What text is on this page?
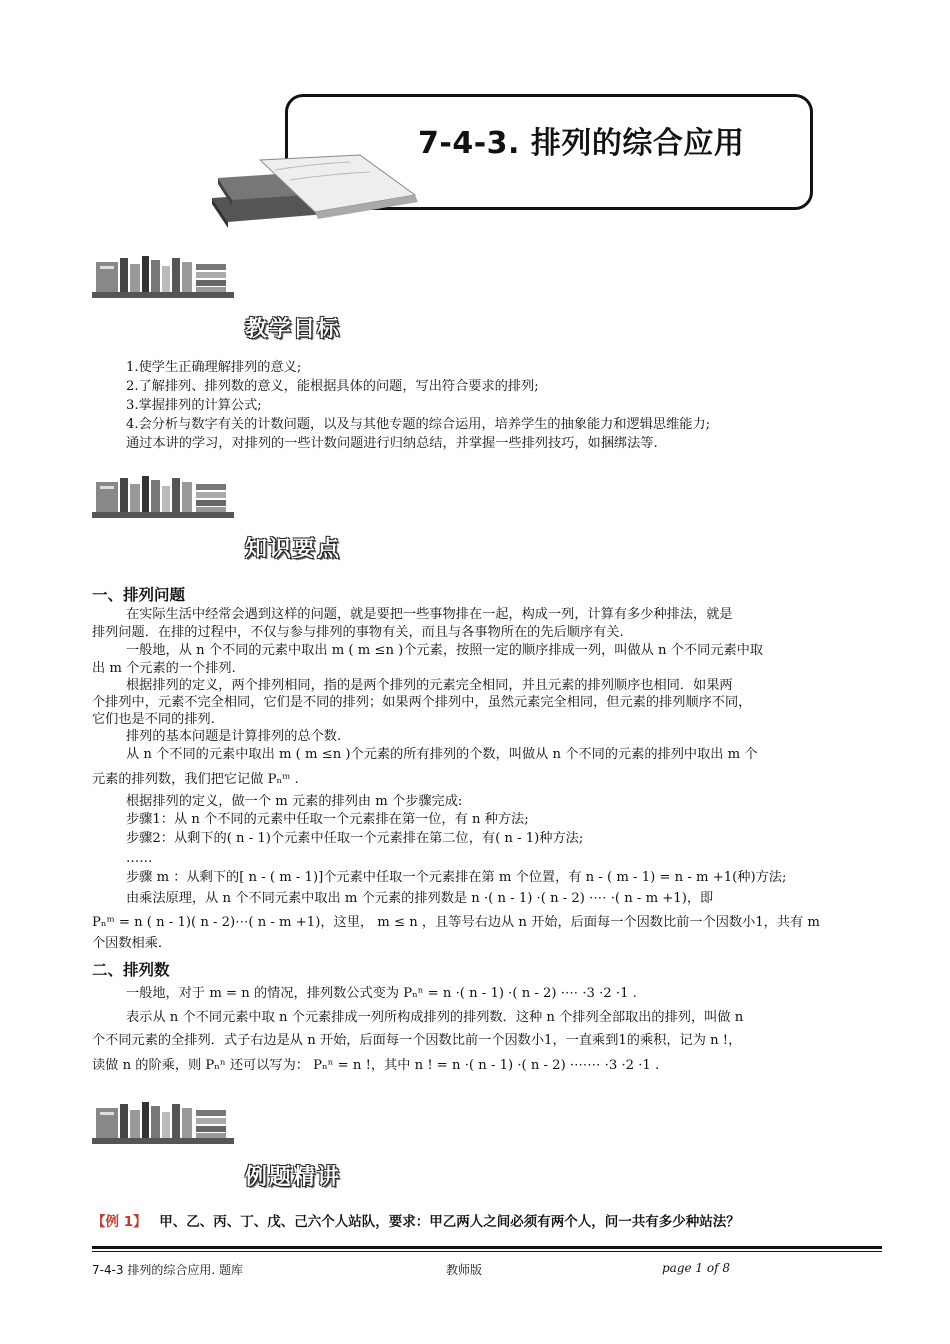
7-4-3. 排列的综合应用
教学目标
1.使学生正确理解排列的意义;
2.了解排列、排列数的意义，能根据具体的问题，写出符合要求的排列;
3.掌握排列的计算公式;
4.会分析与数字有关的计数问题，以及与其他专题的综合运用，培养学生的抽象能力和逻辑思维能力;
通过本讲的学习，对排列的一些计数问题进行归纳总结，并掌握一些排列技巧，如捆绑法等.
知识要点
一、排列问题
在实际生活中经常会遇到这样的问题，就是要把一些事物排在一起，构成一列，计算有多少种排法，就是
排列问题．在排的过程中，不仅与参与排列的事物有关，而且与各事物所在的先后顺序有关.
一般地，从 n 个不同的元素中取出 m ( m ≤n )个元素，按照一定的顺序排成一列，叫做从 n 个不同元素中取
出 m 个元素的一个排列.
根据排列的定义，两个排列相同，指的是两个排列的元素完全相同，并且元素的排列顺序也相同．如果两
个排列中，元素不完全相同，它们是不同的排列；如果两个排列中，虽然元素完全相同，但元素的排列顺序不同，
它们也是不同的排列.
排列的基本问题是计算排列的总个数.
从 n 个不同的元素中取出 m ( m ≤n )个元素的所有排列的个数，叫做从 n 个不同的元素的排列中取出 m 个
元素的排列数，我们把它记做 Pₙᵐ .
根据排列的定义，做一个 m 元素的排列由 m 个步骤完成:
步骤1：从 n 个不同的元素中任取一个元素排在第一位，有 n 种方法;
步骤2：从剩下的( n - 1)个元素中任取一个元素排在第二位，有( n - 1)种方法;
……
步骤 m ：从剩下的[ n - ( m - 1)]个元素中任取一个元素排在第 m 个位置，有 n - ( m - 1) = n - m +1(种)方法;
由乘法原理，从 n 个不同元素中取出 m 个元素的排列数是 n ·( n - 1) ·( n - 2) ·⋯ ·( n - m +1)，即
Pₙᵐ = n ( n - 1)( n - 2)⋯( n - m +1)，这里， m ≤ n ，且等号右边从 n 开始，后面每一个因数比前一个因数小1，共有 m
个因数相乘.
二、排列数
一般地，对于 m = n 的情况，排列数公式变为 Pₙⁿ = n ·( n - 1) ·( n - 2) ·⋯ ·3 ·2 ·1 .
表示从 n 个不同元素中取 n 个元素排成一列所构成排列的排列数．这种 n 个排列全部取出的排列，叫做 n
个不同元素的全排列．式子右边是从 n 开始，后面每一个因数比前一个因数小1，一直乘到1的乘积，记为 n !，
读做 n 的阶乘，则 Pₙⁿ 还可以写为： Pₙⁿ = n !，其中 n ! = n ·( n - 1) ·( n - 2) ·⋯⋯ ·3 ·2 ·1 .
例题精讲
【例 1】 甲、乙、丙、丁、戊、己六个人站队，要求：甲乙两人之间必须有两个人，问一共有多少种站法？
7-4-3 排列的综合应用. 题库	教师版	page 1 of 8
